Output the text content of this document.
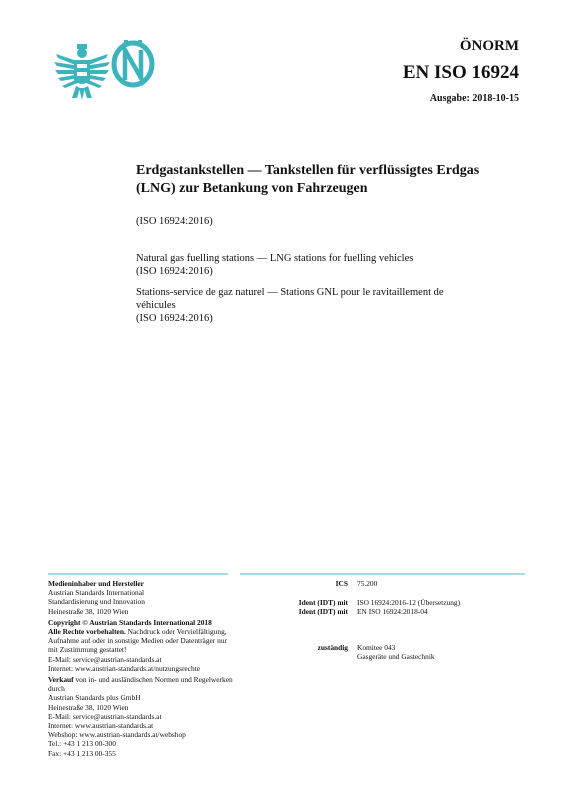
ÖNORM
EN ISO 16924
Ausgabe: 2018-10-15
Erdgastankstellen — Tankstellen für verflüssigtes Erdgas
(LNG) zur Betankung von Fahrzeugen
(ISO 16924:2016)
Natural gas fuelling stations — LNG stations for fuelling vehicles
(ISO 16924:2016)
Stations-service de gaz naturel — Stations GNL pour le ravitaillement de
véhicules
(ISO 16924:2016)
Medieninhaber und Hersteller
Austrian Standards International
Standardisierung und Innovation
Heinestraße 38, 1020 Wien
Copyright © Austrian Standards International 2018
Alle Rechte vorbehalten. Nachdruck oder Vervielfältigung, Aufnahme auf oder in sonstige Medien oder Datenträger nur mit Zustimmung gestattet!
E-Mail: service@austrian-standards.at
Internet: www.austrian-standards.at/nutzungsrechte
Verkauf von in- und ausländischen Normen und Regelwerken durch
Austrian Standards plus GmbH
Heinestraße 38, 1020 Wien
E-Mail: service@austrian-standards.at
Internet: www.austrian-standards.at
Webshop: www.austrian-standards.at/webshop
Tel.: +43 1 213 00-300
Fax: +43 1 213 00-355
ICS 75.200
Ident (IDT) mit ISO 16924:2016-12 (Übersetzung)
Ident (IDT) mit EN ISO 16924:2018-04
zuständig Komitee 043
Gasgeräte und Gastechnik
